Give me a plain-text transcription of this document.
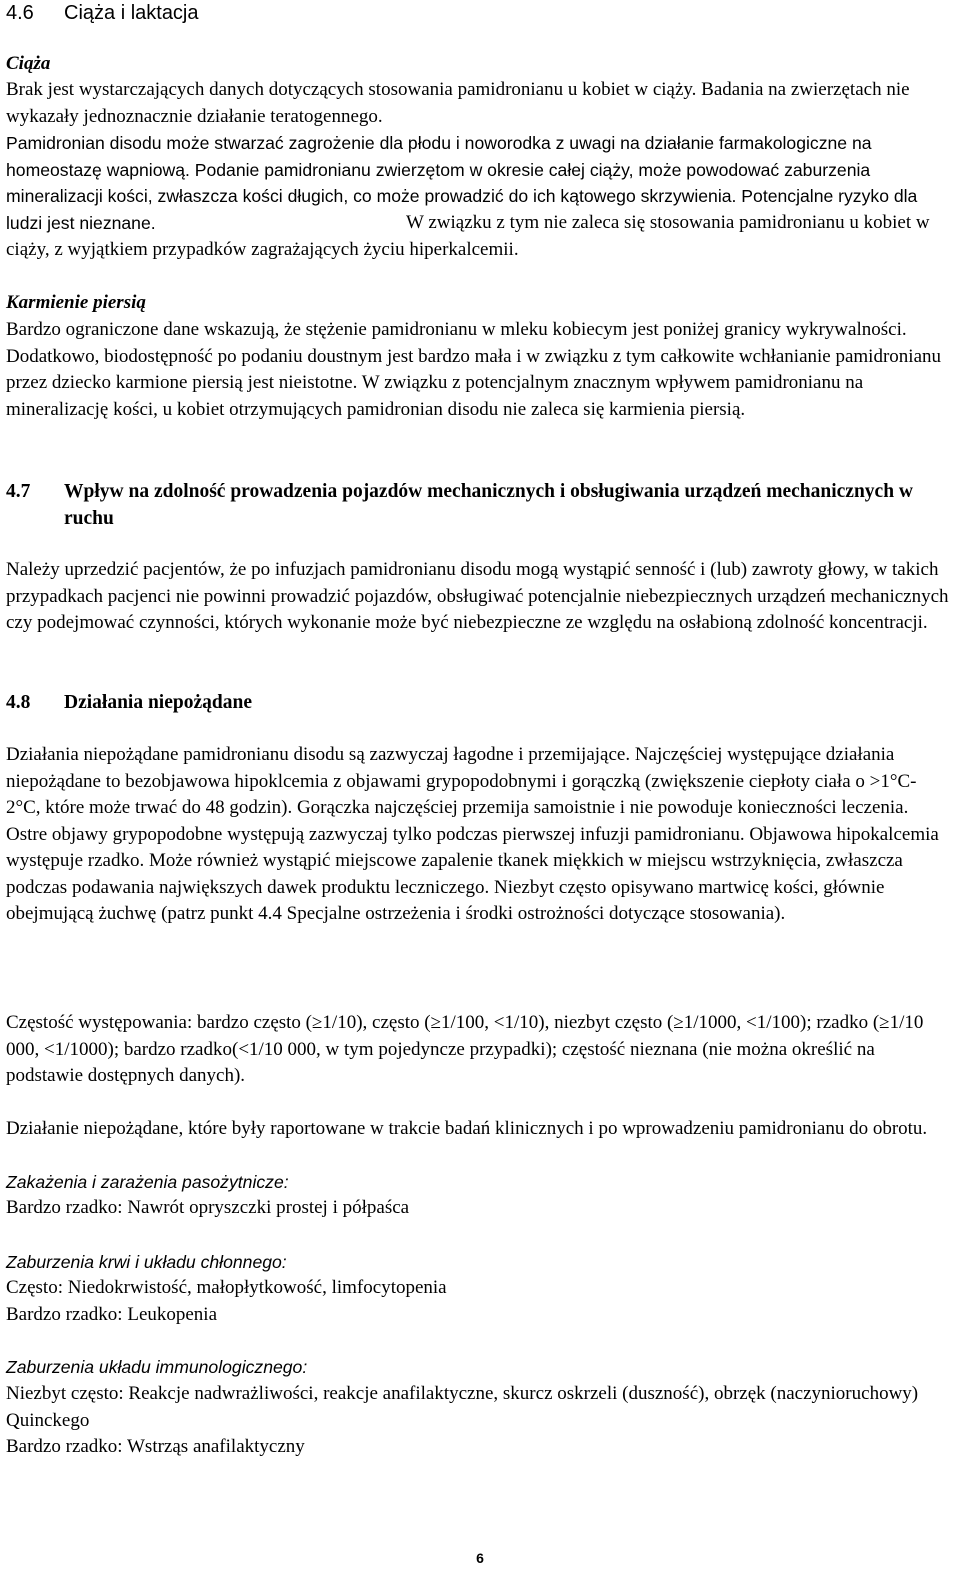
4.6 Ciąża i laktacja
Ciąża

Brak jest wystarczających danych dotyczących stosowania pamidronianu u kobiet w ciąży. Badania na zwierzętach nie wykazały jednoznacznie działanie teratogennego.

Pamidronian disodu może stwarzać zagrożenie dla płodu i noworodka z uwagi na działanie farmakologiczne na homeostazę wapniową. Podanie pamidronianu zwierzętom w okresie całej ciąży, może powodować zaburzenia mineralizacji kości, zwłaszcza kości długich, co może prowadzić do ich kątowego skrzywienia. Potencjalne ryzyko dla ludzi jest nieznane.	W związku z tym nie zaleca się stosowania pamidronianu u kobiet w ciąży, z wyjątkiem przypadków zagrażających życiu hiperkalcemii.

Karmienie piersią

Bardzo ograniczone dane wskazują, że stężenie pamidronianu w mleku kobiecym jest poniżej granicy wykrywalności. Dodatkowo, biodostępność po podaniu doustnym jest bardzo mała i w związku z tym całkowite wchłanianie pamidronianu przez dziecko karmione piersią jest nieistotne. W związku z potencjalnym znacznym wpływem pamidronianu na mineralizację kości, u kobiet otrzymujących pamidronian disodu nie zaleca się karmienia piersią.

4.7 Wpływ na zdolność prowadzenia pojazdów mechanicznych i obsługiwania urządzeń mechanicznych w ruchu

Należy uprzedzić pacjentów, że po infuzjach pamidronianu disodu mogą wystąpić senność i (lub) zawroty głowy, w takich przypadkach pacjenci nie powinni prowadzić pojazdów, obsługiwać potencjalnie niebezpiecznych urządzeń mechanicznych czy podejmować czynności, których wykonanie może być niebezpieczne ze względu na osłabioną zdolność koncentracji.

4.8 Działania niepożądane

Działania niepożądane pamidronianu disodu są zazwyczaj łagodne i przemijające. Najczęściej występujące działania niepożądane to bezobjawowa hipoklcemia z objawami grypopodobnymi i gorączką (zwiększenie ciepłoty ciała o >1°C-2°C, które może trwać do 48 godzin). Gorączka najczęściej przemija samoistnie i nie powoduje konieczności leczenia. Ostre objawy grypopodobne występują zazwyczaj tylko podczas pierwszej infuzji pamidronianu. Objawowa hipokalcemia występuje rzadko. Może również wystąpić miejscowe zapalenie tkanek miękkich w miejscu wstrzyknięcia, zwłaszcza podczas podawania największych dawek produktu leczniczego. Niezbyt często opisywano martwicę kości, głównie obejmującą żuchwę (patrz punkt 4.4 Specjalne ostrzeżenia i środki ostrożności dotyczące stosowania).

Częstość występowania: bardzo często (≥1/10), często (≥1/100, <1/10), niezbyt często (≥1/1000, <1/100); rzadko (≥1/10 000, <1/1000); bardzo rzadko(<1/10 000, w tym pojedyncze przypadki); częstość nieznana (nie można określić na podstawie dostępnych danych).

Działanie niepożądane, które były raportowane w trakcie badań klinicznych i po wprowadzeniu pamidronianu do obrotu.

Zakażenia i zarażenia pasożytnicze:
Bardzo rzadko: Nawrót opryszczki prostej i półpaśca
Zaburzenia krwi i układu chłonnego:
Często: Niedokrwistość, małopłytkowość, limfocytopenia
Bardzo rzadko: Leukopenia
Zaburzenia układu immunologicznego:
Niezbyt często: Reakcje nadwrażliwości, reakcje anafilaktyczne, skurcz oskrzeli (duszność), obrzęk (naczynioruchowy) Quinckego
Bardzo rzadko: Wstrząs anafilaktyczny
6
